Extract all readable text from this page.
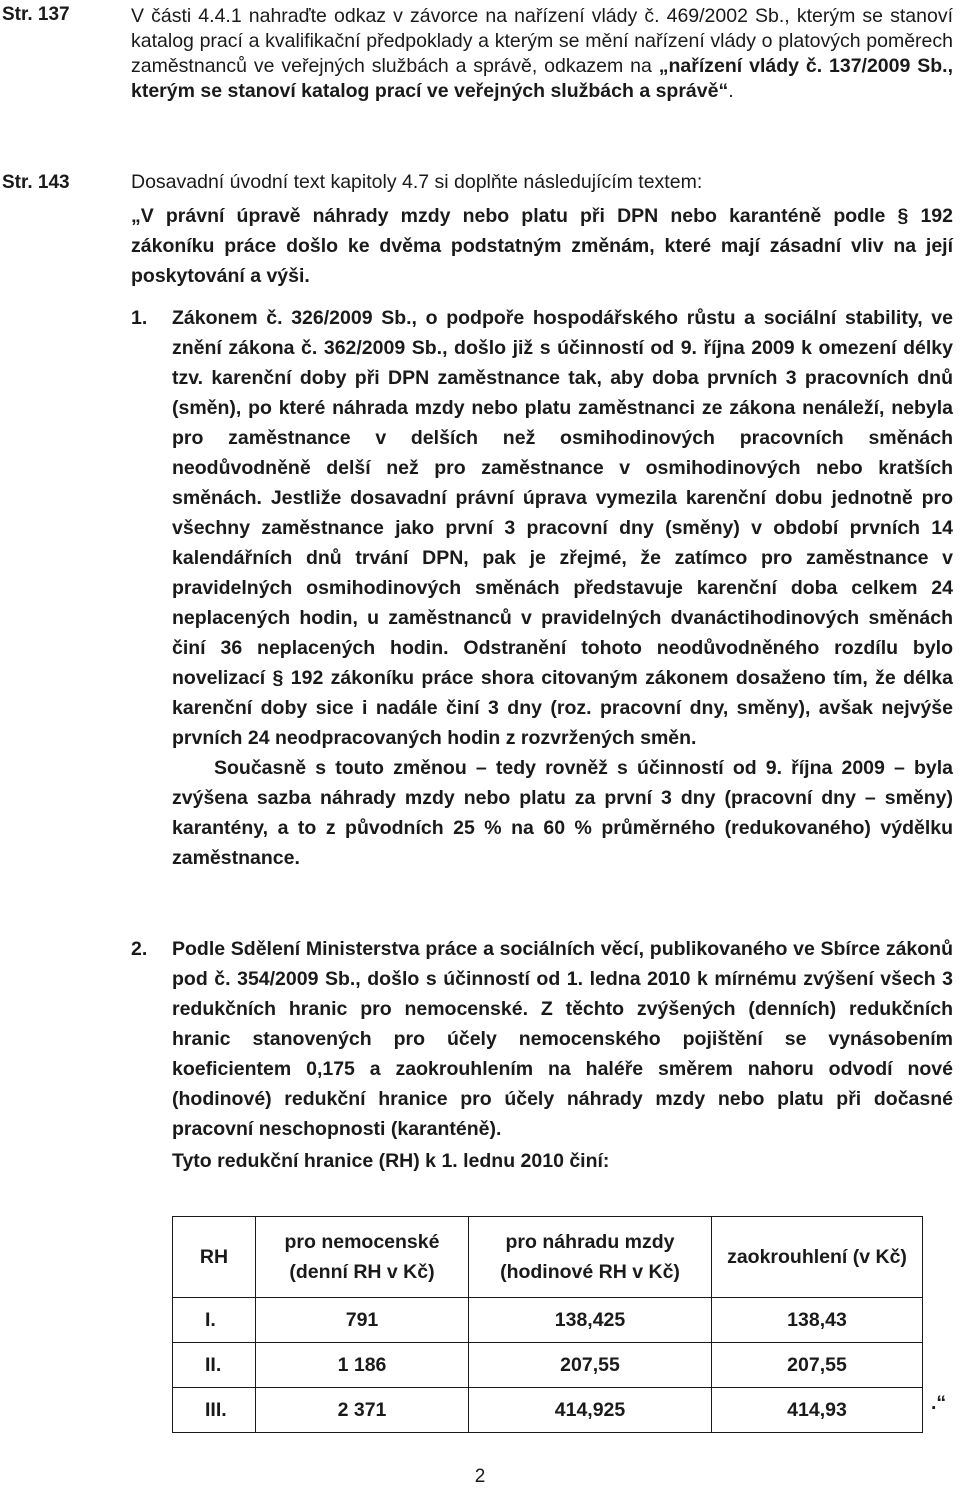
Str. 137
Str. 143

V části 4.4.1 nahraďte odkaz v závorce na nařízení vlády č. 469/2002 Sb., kterým se stanoví katalog prací a kvalifikační předpoklady a kterým se mění nařízení vlády o platových poměrech zaměstnanců ve veřejných službách a správě, odkazem na „nařízení vlády č. 137/2009 Sb., kterým se stanoví katalog prací ve veřejných službách a správě“.

Dosavadní úvodní text kapitoly 4.7 si doplňte následujícím textem:

„V právní úpravě náhrady mzdy nebo platu při DPN nebo karanténě podle § 192 zákoníku práce došlo ke dvěma podstatným změnám, které mají zásadní vliv na její poskytování a výši.

1. Zákonem č. 326/2009 Sb., o podpoře hospodářského růstu a sociální stability, ve znění zákona č. 362/2009 Sb., došlo již s účinností od 9. října 2009 k omezení délky tzv. karenční doby při DPN zaměstnance tak, aby doba prvních 3 pracovních dnů (směn), po které náhrada mzdy nebo platu zaměstnanci ze zákona nenáleží, nebyla pro zaměstnance v delších než osmihodinových pracovních směnách neodůvodněně delší než pro zaměstnance v osmihodinových nebo kratších směnách. Jestliže dosavadní právní úprava vymezila karenční dobu jednotně pro všechny zaměstnance jako první 3 pracovní dny (směny) v období prvních 14 kalendářních dnů trvání DPN, pak je zřejmé, že zatímco pro zaměstnance v pravidelných osmihodinových směnách představuje karenční doba celkem 24 neplacených hodin, u zaměstnanců v pravidelných dvanáctihodinových směnách činí 36 neplacených hodin. Odstranění tohoto neodůvodněného rozdílu bylo novelizací § 192 zákoníku práce shora citovaným zákonem dosaženo tím, že délka karenční doby sice i nadále činí 3 dny (roz. pracovní dny, směny), avšak nejvýše prvních 24 neodpracovaných hodin z rozvržených směn.
Současně s touto změnou – tedy rovněž s účinností od 9. října 2009 – byla zvýšena sazba náhrady mzdy nebo platu za první 3 dny (pracovní dny – směny) karantény, a to z původních 25 % na 60 % průměrného (redukovaného) výdělku zaměstnance.
2. Podle Sdělení Ministerstva práce a sociálních věcí, publikovaného ve Sbírce zákonů pod č. 354/2009 Sb., došlo s účinností od 1. ledna 2010 k mírnému zvýšení všech 3 redukčních hranic pro nemocenské. Z těchto zvýšených (denních) redukčních hranic stanovených pro účely nemocenského pojištění se vynásobením koeficientem 0,175 a zaokrouhlením na haléře směrem nahoru odvodí nové (hodinové) redukční hranice pro účely náhrady mzdy nebo platu při dočasné pracovní neschopnosti (karanténě).
Tyto redukční hranice (RH) k 1. lednu 2010 činí:
RH	pro nemocenské (denní RH v Kč)	pro náhradu mzdy (hodinové RH v Kč)	zaokrouhlení (v Kč)
I.	791	138,425	138,43
II.	1 186	207,55	207,55
III.	2 371	414,925	414,93	.“
2
